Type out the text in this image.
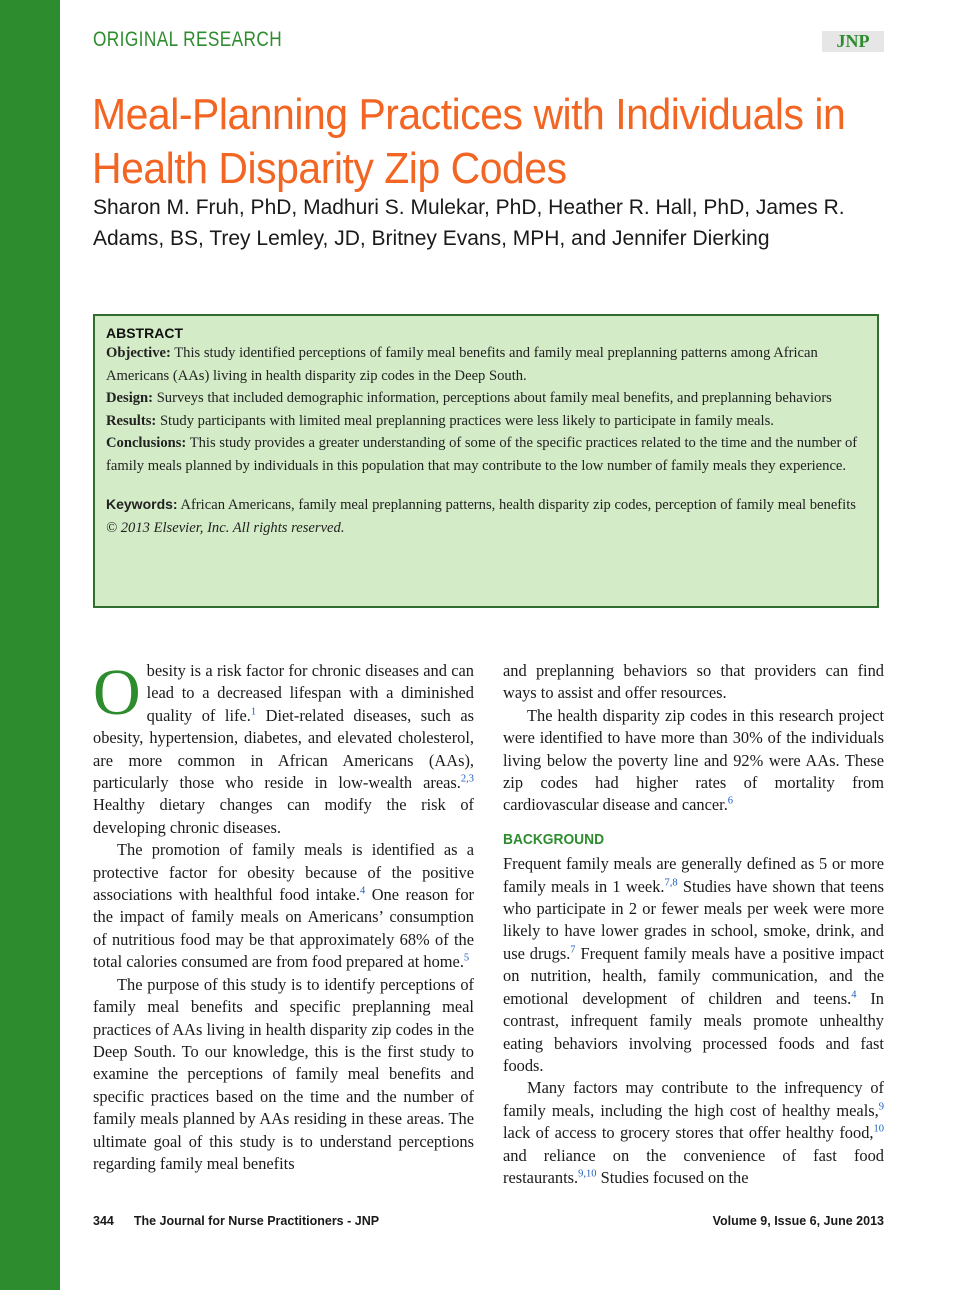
ORIGINAL RESEARCH	JNP
Meal-Planning Practices with Individuals in Health Disparity Zip Codes
Sharon M. Fruh, PhD, Madhuri S. Mulekar, PhD, Heather R. Hall, PhD, James R. Adams, BS, Trey Lemley, JD, Britney Evans, MPH, and Jennifer Dierking
ABSTRACT

Objective: This study identified perceptions of family meal benefits and family meal preplanning patterns among African Americans (AAs) living in health disparity zip codes in the Deep South.

Design: Surveys that included demographic information, perceptions about family meal benefits, and preplanning behaviors

Results: Study participants with limited meal preplanning practices were less likely to participate in family meals.

Conclusions: This study provides a greater understanding of some of the specific practices related to the time and the number of family meals planned by individuals in this population that may contribute to the low number of family meals they experience.

Keywords: African Americans, family meal preplanning patterns, health disparity zip codes, perception of family meal benefits

© 2013 Elsevier, Inc. All rights reserved.

Obesity is a risk factor for chronic diseases and can lead to a decreased lifespan with a diminished quality of life.$^1$ Diet-related diseases, such as obesity, hypertension, diabetes, and elevated cholesterol, are more common in African Americans (AAs), particularly those who reside in low-wealth areas.$^{2,3}$ Healthy dietary changes can modify the risk of developing chronic diseases.

The promotion of family meals is identified as a protective factor for obesity because of the positive associations with healthful food intake.$^4$ One reason for the impact of family meals on Americans’ consumption of nutritious food may be that approximately 68% of the total calories consumed are from food prepared at home.$^5$

The purpose of this study is to identify perceptions of family meal benefits and specific preplanning meal practices of AAs living in health disparity zip codes in the Deep South. To our knowledge, this is the first study to examine the perceptions of family meal benefits and specific practices based on the time and the number of family meals planned by AAs residing in these areas. The ultimate goal of this study is to understand perceptions regarding family meal benefits

and preplanning behaviors so that providers can find ways to assist and offer resources.

The health disparity zip codes in this research project were identified to have more than 30% of the individuals living below the poverty line and 92% were AAs. These zip codes had higher rates of mortality from cardiovascular disease and cancer.$^6$

BACKGROUND

Frequent family meals are generally defined as 5 or more family meals in 1 week.$^{7,8}$ Studies have shown that teens who participate in 2 or fewer meals per week were more likely to have lower grades in school, smoke, drink, and use drugs.$^7$ Frequent family meals have a positive impact on nutrition, health, family communication, and the emotional development of children and teens.$^4$ In contrast, infrequent family meals promote unhealthy eating behaviors involving processed foods and fast foods.

Many factors may contribute to the infrequency of family meals, including the high cost of healthy meals,$^9$ lack of access to grocery stores that offer healthy food,$^{10}$ and reliance on the convenience of fast food restaurants.$^{9,10}$ Studies focused on the

344 The Journal for Nurse Practitioners - JNP	Volume 9, Issue 6, June 2013
